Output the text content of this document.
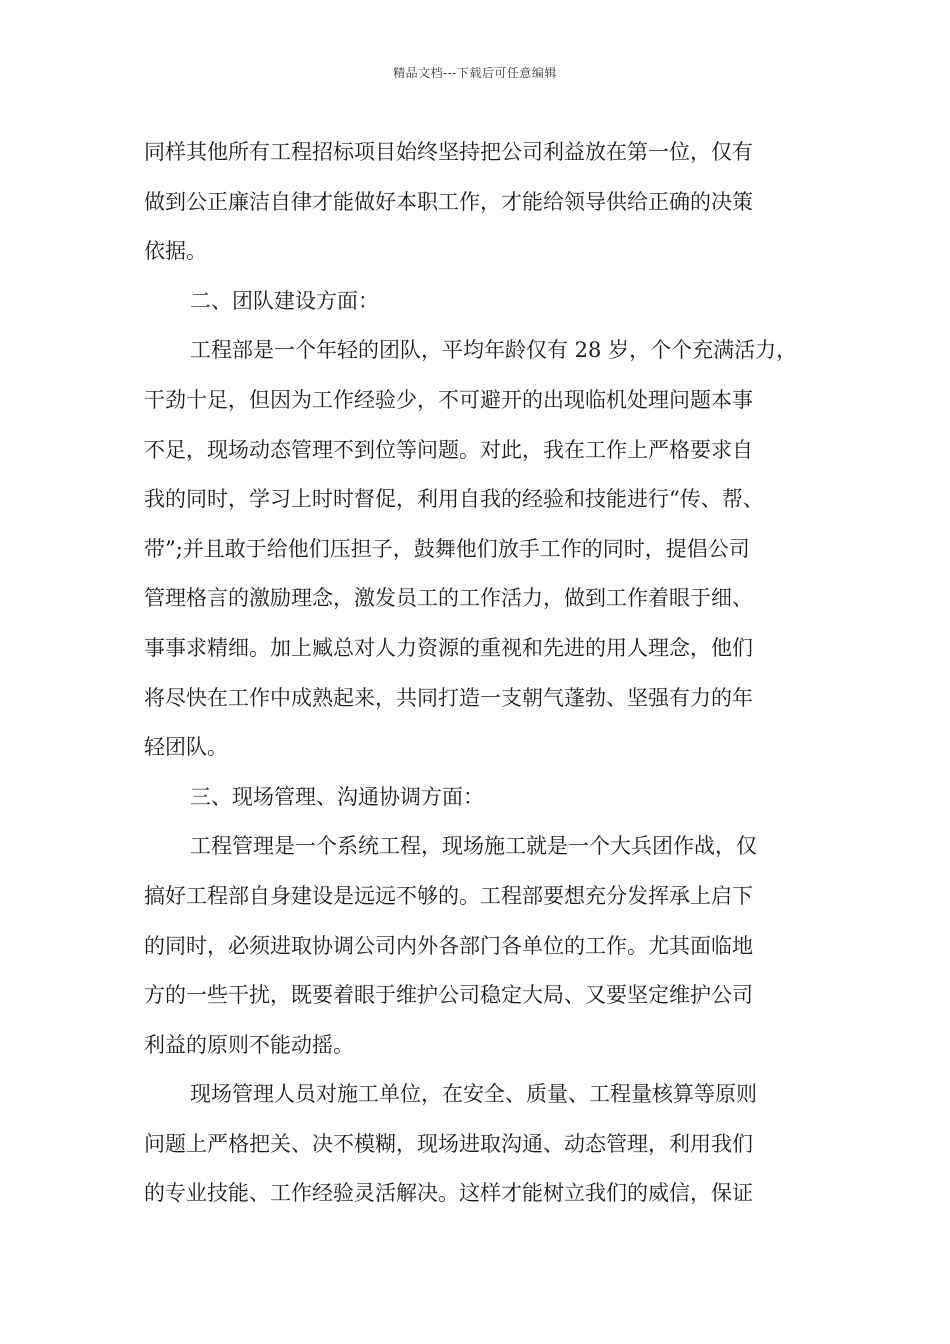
精品文档---下载后可任意编辑
同样其他所有工程招标项目始终坚持把公司利益放在第一位，仅有
做到公正廉洁自律才能做好本职工作，才能给领导供给正确的决策
依据。
二、团队建设方面：
工程部是一个年轻的团队，平均年龄仅有 28 岁，个个充满活力，
干劲十足，但因为工作经验少，不可避开的出现临机处理问题本事
不足，现场动态管理不到位等问题。对此，我在工作上严格要求自
我的同时，学习上时时督促，利用自我的经验和技能进行“传、帮、
带”;并且敢于给他们压担子，鼓舞他们放手工作的同时，提倡公司
管理格言的激励理念，激发员工的工作活力，做到工作着眼于细、
事事求精细。加上臧总对人力资源的重视和先进的用人理念，他们
将尽快在工作中成熟起来，共同打造一支朝气蓬勃、坚强有力的年
轻团队。
三、现场管理、沟通协调方面：
工程管理是一个系统工程，现场施工就是一个大兵团作战，仅
搞好工程部自身建设是远远不够的。工程部要想充分发挥承上启下
的同时，必须进取协调公司内外各部门各单位的工作。尤其面临地
方的一些干扰，既要着眼于维护公司稳定大局、又要坚定维护公司
利益的原则不能动摇。
现场管理人员对施工单位，在安全、质量、工程量核算等原则
问题上严格把关、决不模糊，现场进取沟通、动态管理，利用我们
的专业技能、工作经验灵活解决。这样才能树立我们的威信，保证
